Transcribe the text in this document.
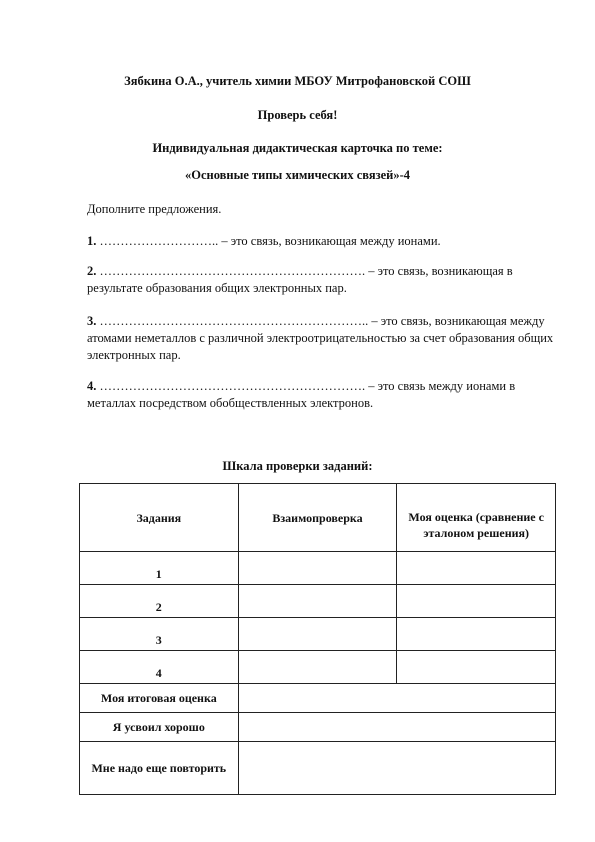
Зябкина О.А., учитель химии МБОУ Митрофановской СОШ
Проверь себя!
Индивидуальная дидактическая карточка по теме:
«Основные типы химических связей»-4
Дополните предложения.
1. ……………………….. – это связь, возникающая между ионами.
2. ………………………………………………………. – это связь, возникающая в результате образования общих электронных пар.
3. ……………………………………………………….. – это связь, возникающая между атомами неметаллов с различной электроотрицательностью за счет образования общих электронных пар.
4. ………………………………………………………. – это связь между ионами в металлах посредством обобществленных электронов.
Шкала проверки заданий:
Задания	Взаимопроверка	Моя оценка (сравнение с эталоном решения)
1		
2		
3		
4		
Моя итоговая оценка		
Я усвоил хорошо		
Мне надо еще повторить		
